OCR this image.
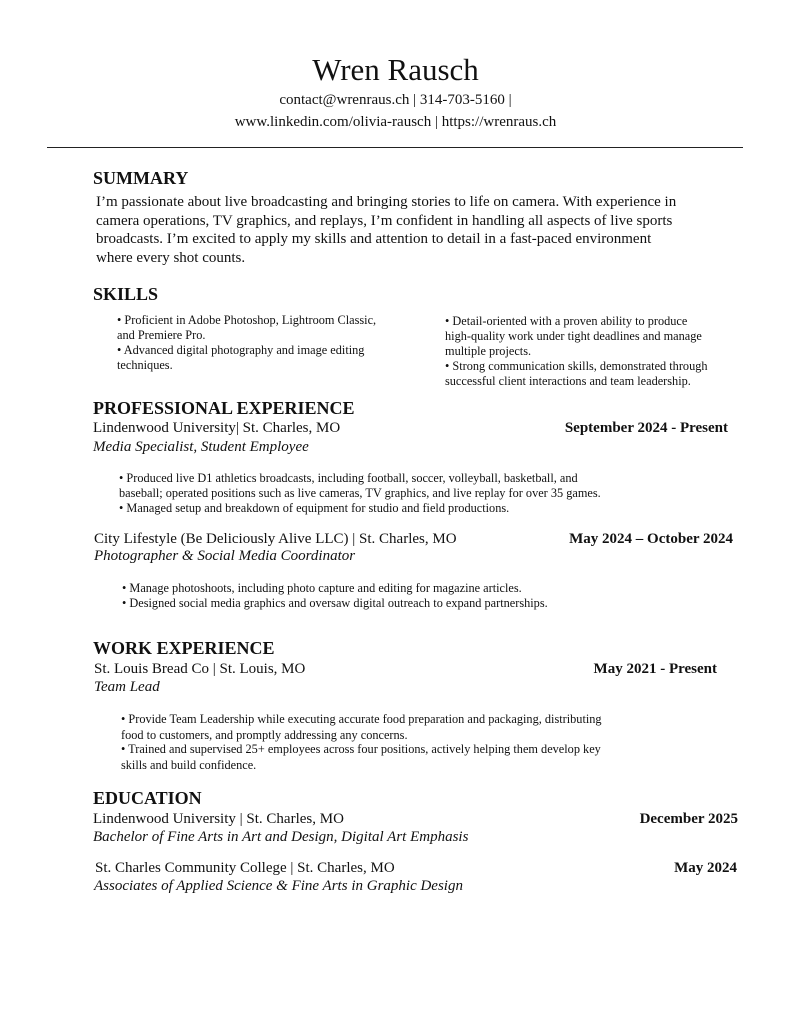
Wren Rausch
contact@wrenraus.ch | 314-703-5160 |
www.linkedin.com/olivia-rausch | https://wrenraus.ch
SUMMARY
I’m passionate about live broadcasting and bringing stories to life on camera. With experience in
camera operations, TV graphics, and replays, I’m confident in handling all aspects of live sports
broadcasts. I’m excited to apply my skills and attention to detail in a fast-paced environment
where every shot counts.
SKILLS
• Proficient in Adobe Photoshop, Lightroom Classic,
and Premiere Pro.
• Advanced digital photography and image editing
techniques.
• Detail-oriented with a proven ability to produce
high-quality work under tight deadlines and manage
multiple projects.
• Strong communication skills, demonstrated through
successful client interactions and team leadership.
PROFESSIONAL EXPERIENCE
Lindenwood University| St. Charles, MO	September 2024 - Present
Media Specialist, Student Employee
• Produced live D1 athletics broadcasts, including football, soccer, volleyball, basketball, and
baseball; operated positions such as live cameras, TV graphics, and live replay for over 35 games.
• Managed setup and breakdown of equipment for studio and field productions.
City Lifestyle (Be Deliciously Alive LLC) | St. Charles, MO	May 2024 – October 2024
Photographer & Social Media Coordinator
• Manage photoshoots, including photo capture and editing for magazine articles.
• Designed social media graphics and oversaw digital outreach to expand partnerships.
WORK EXPERIENCE
St. Louis Bread Co | St. Louis, MO	May 2021 - Present
Team Lead
• Provide Team Leadership while executing accurate food preparation and packaging, distributing
food to customers, and promptly addressing any concerns.
• Trained and supervised 25+ employees across four positions, actively helping them develop key
skills and build confidence.
EDUCATION
Lindenwood University | St. Charles, MO	December 2025
Bachelor of Fine Arts in Art and Design, Digital Art Emphasis
St. Charles Community College | St. Charles, MO	May 2024
Associates of Applied Science & Fine Arts in Graphic Design
